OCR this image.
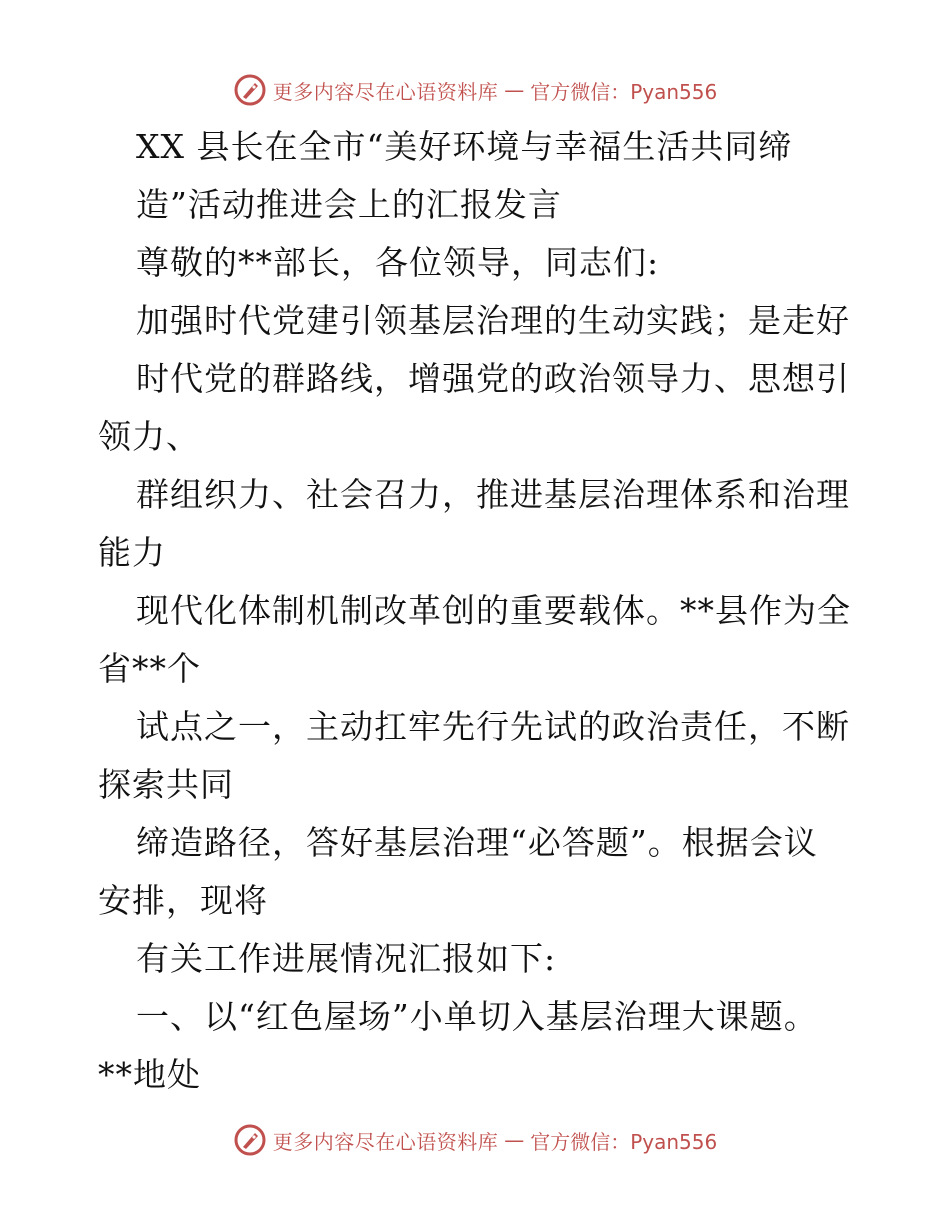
更多内容尽在心语资料库 — 官方微信：Pyan556
XX 县长在全市“美好环境与幸福生活共同缔
造”活动推进会上的汇报发言
尊敬的**部长，各位领导，同志们:
加强时代党建引领基层治理的生动实践；是走好
时代党的群路线，增强党的政治领导力、思想引
领力、
群组织力、社会召力，推进基层治理体系和治理
能力
现代化体制机制改革创的重要载体。**县作为全
省**个
试点之一，主动扛牢先行先试的政治责任，不断
探索共同
缔造路径，答好基层治理“必答题”。根据会议
安排，现将
有关工作进展情况汇报如下:
一、以“红色屋场”小单切入基层治理大课题。
**地处
更多内容尽在心语资料库 — 官方微信：Pyan556
